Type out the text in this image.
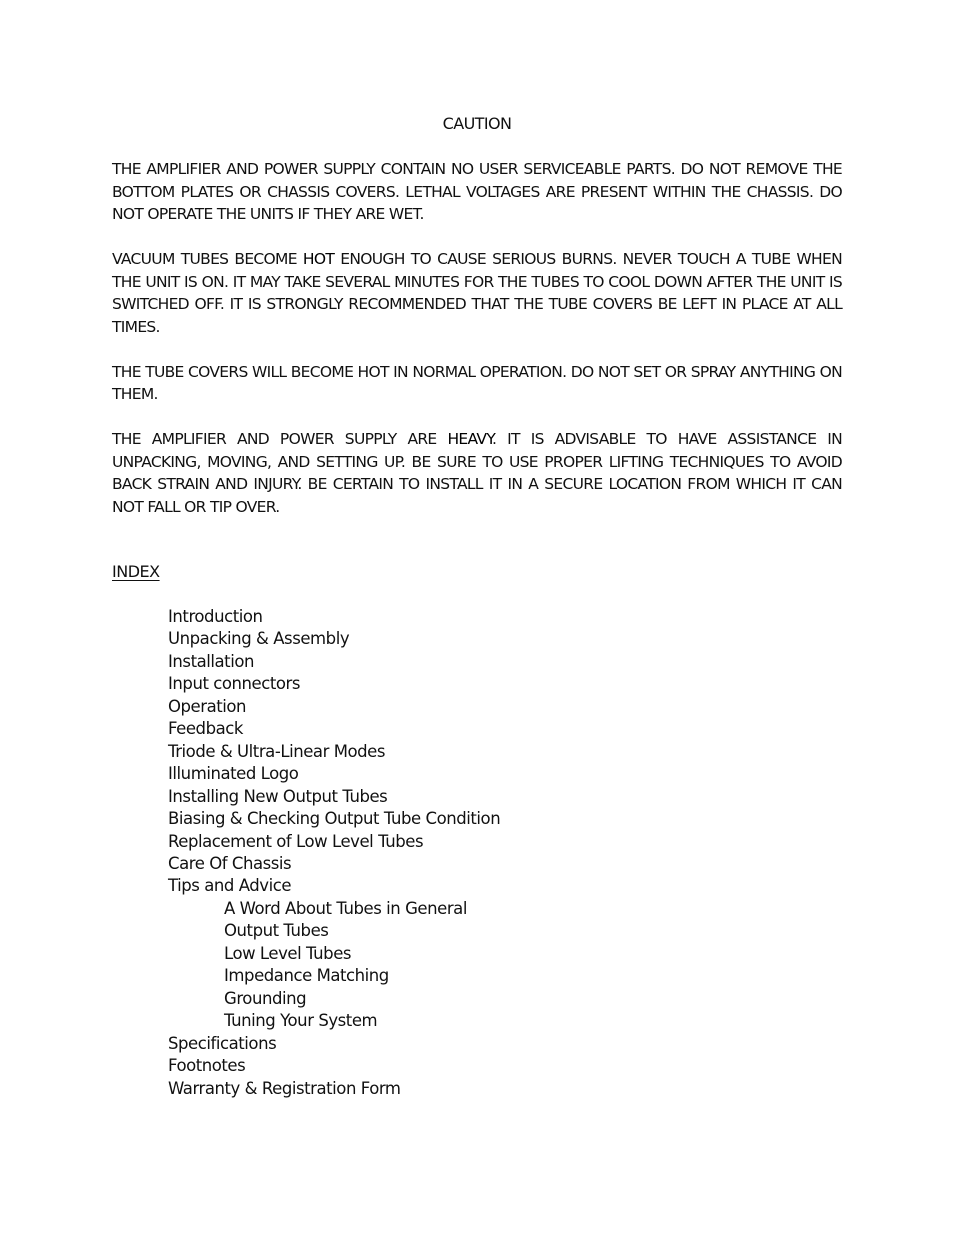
CAUTION

THE AMPLIFIER AND POWER SUPPLY CONTAIN NO USER SERVICEABLE PARTS. DO NOT REMOVE THE BOTTOM PLATES OR CHASSIS COVERS. LETHAL VOLTAGES ARE PRESENT WITHIN THE CHASSIS. DO NOT OPERATE THE UNITS IF THEY ARE WET.

VACUUM TUBES BECOME HOT ENOUGH TO CAUSE SERIOUS BURNS. NEVER TOUCH A TUBE WHEN THE UNIT IS ON. IT MAY TAKE SEVERAL MINUTES FOR THE TUBES TO COOL DOWN AFTER THE UNIT IS SWITCHED OFF. IT IS STRONGLY RECOMMENDED THAT THE TUBE COVERS BE LEFT IN PLACE AT ALL TIMES.

THE TUBE COVERS WILL BECOME HOT IN NORMAL OPERATION. DO NOT SET OR SPRAY ANYTHING ON THEM.

THE AMPLIFIER AND POWER SUPPLY ARE HEAVY. IT IS ADVISABLE TO HAVE ASSISTANCE IN UNPACKING, MOVING, AND SETTING UP. BE SURE TO USE PROPER LIFTING TECHNIQUES TO AVOID BACK STRAIN AND INJURY. BE CERTAIN TO INSTALL IT IN A SECURE LOCATION FROM WHICH IT CAN NOT FALL OR TIP OVER.

INDEX
Introduction
Unpacking & Assembly
Installation
Input connectors
Operation
Feedback
Triode & Ultra-Linear Modes
Illuminated Logo
Installing New Output Tubes
Biasing & Checking Output Tube Condition
Replacement of Low Level Tubes
Care Of Chassis
Tips and Advice
A Word About Tubes in General
Output Tubes
Low Level Tubes
Impedance Matching
Grounding
Tuning Your System
Specifications
Footnotes
Warranty & Registration Form
